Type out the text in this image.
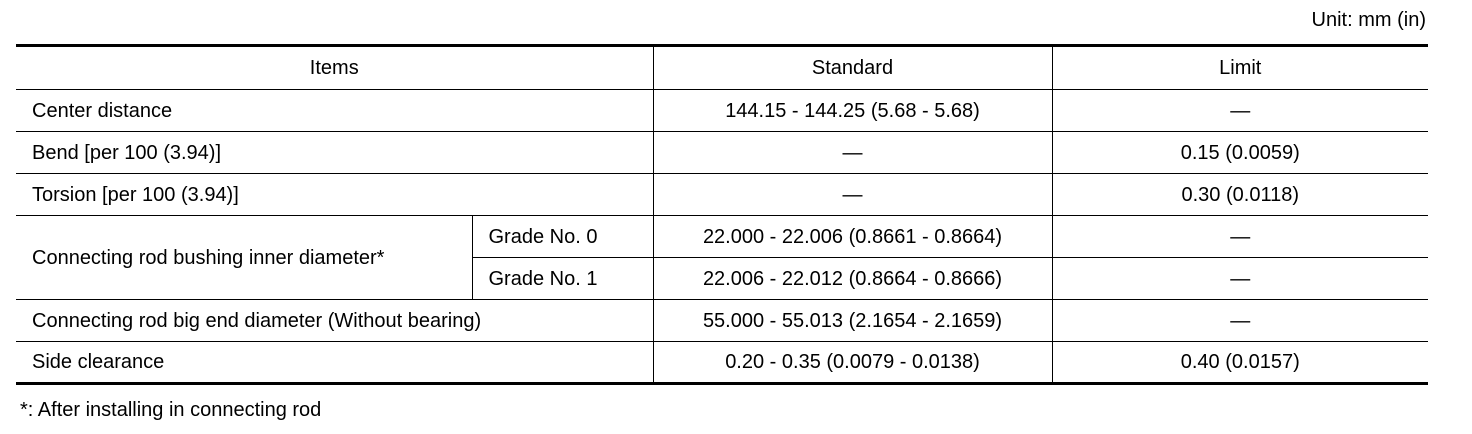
Unit: mm (in)
Items		Standard	Limit
Center distance		144.15 - 144.25 (5.68 - 5.68)	—
Bend [per 100 (3.94)]		—	0.15 (0.0059)
Torsion [per 100 (3.94)]		—	0.30 (0.0118)
Connecting rod bushing inner diameter*	Grade No. 0	22.000 - 22.006 (0.8661 - 0.8664)	—
	Grade No. 1	22.006 - 22.012 (0.8664 - 0.8666)	—
Connecting rod big end diameter (Without bearing)		55.000 - 55.013 (2.1654 - 2.1659)	—
Side clearance		0.20 - 0.35 (0.0079 - 0.0138)	0.40 (0.0157)
*: After installing in connecting rod
